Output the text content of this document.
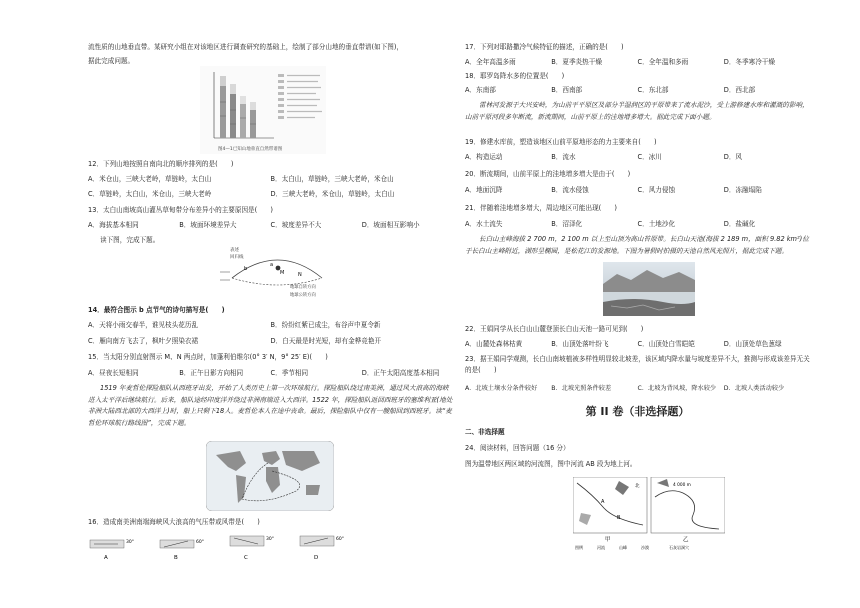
流性质的山地垂直带。某研究小组在对该地区进行调查研究的基础上，绘制了部分山地的垂直带谱(如下图)，
据此完成问题。
图4—1已知山地垂直自然带谱图
12．下列山地按照自南向北的顺序排列的是(　　)
A．米仓山，三峡大老岭，草链岭，太白山	B．太白山，草链岭，三峡大老岭，米仓山
C．草链岭，太白山，米仓山，三峡大老岭	D．三峡大老岭，米仓山，草链岭，太白山
13．太白山南坡高山灌丛草甸带分布差异小的主要原因是(　　)
A．海拔基本相同	B．坡面环境差异大	C．坡度差异不大	D．坡面相互影响小
读下图，完成下题。
表述
回归线
地球自转方向
地球公转方向
a
b
M	N
14．最符合图示 b 点节气的诗句描写是(　　)
A．天将小雨交春半，谁见枝头花历乱	B．纷纷红紫已成尘，布谷声中夏令新
C．雁向南方飞去了，枫叶夕照染衣裙	D．白天最是时光短，却有金桦竞艳开
15．当太阳分别直射图示 M、N 两点时，加蓬利伯维尔(0° 3′ N，9° 25′ E)(　　)
A．昼夜长短相同	B．正午日影方向相同	C．季节相同	D．正午太阳高度基本相同
1519 年麦哲伦探险船队从西班牙出发，开始了人类历史上第一次环球航行。探险船队绕过南美洲，通过风大浪高的海峡进入太平洋后继续航行。后来，船队途经印度洋并绕过非洲南端进入大西洋。1522 年，探险船队返回西班牙的塞维利亚(地处非洲大陆西北部的大西洋上)时，船上只剩下18人。麦哲伦本人在途中丧命。最后，探险船队中仅有一艘船回到西班牙。读“麦哲伦环球航行路线图”，完成下题。
16．造成南美洲南端海峡风大浪高的气压带或风带是(　　)
30°
A
60°
B
30°
C
60°
D
17．下列对耶路撒冷气候特征的描述，正确的是(　　)
A．全年高温多雨	B．夏季炎热干燥	C．全年温和多雨	D．冬季寒冷干燥
18．耶罗岛降水多的位置是(　　)
A．东南部	B．西南部	C．东北部	D．西北部
雷林河发源于大兴安岭，为山前平平原区及部分半湿润区的平原带来了流水泥沙，受上游修建水库和灌溉的影响，山前平原河段多年断流，新流期间，山前平原上的洼地增多增大。据此完成下面小题。
19．修建水库前，塑造该地区山前平原地形态的力主要来自(　　)
A．构造运动	B．流水	C．冰川	D．风
20．断流期间，山前平原上的洼地增多增大是由于(　　)
A．地面沉降	B．流水侵蚀	C．风力侵蚀	D．冻融塌陷
21．伴随着洼地增多增大，周边地区可能出现(　　)
A．水土流失	B．沼泽化	C．土地沙化	D．盐碱化
长白山主峰海拔 2 700 m，2 100 m 以上至山顶为高山苔原带。长白山天池(海拔 2 189 m，面积 9.82 km²)位于长白山主峰附近，湖形呈椭圆，是松花江的发源地。下图为暑假时拍摄的天池自然风光照片，据此完成下题。
22．王娟同学从长白山山麓登顶长白山天池一路可见到(　　)
A．山麓处森林枯黄	B．山顶处落叶纷飞	C．山顶处白雪皑皑	D．山顶处草色葱绿
23．据王娟同学观测，长白山南坡植被多样性明显较北坡差，该区域内降水量与坡度差异不大，推测与形成该差异无关的是(　　)
A．北坡土壤水分条件较好	B．北坡光照条件较差	C．北坡为背风坡，降水较少	D．北坡人类活动较少
第 II 卷（非选择题）
二、非选择题
24．阅读材料，回答问题（16 分）
图为温带地区两区域的河流图，图中河流 AB 段为地上河。
A
B
北	4 000 m
甲	乙
图例	河流	山峰	沙漠	石灰岩洞穴
